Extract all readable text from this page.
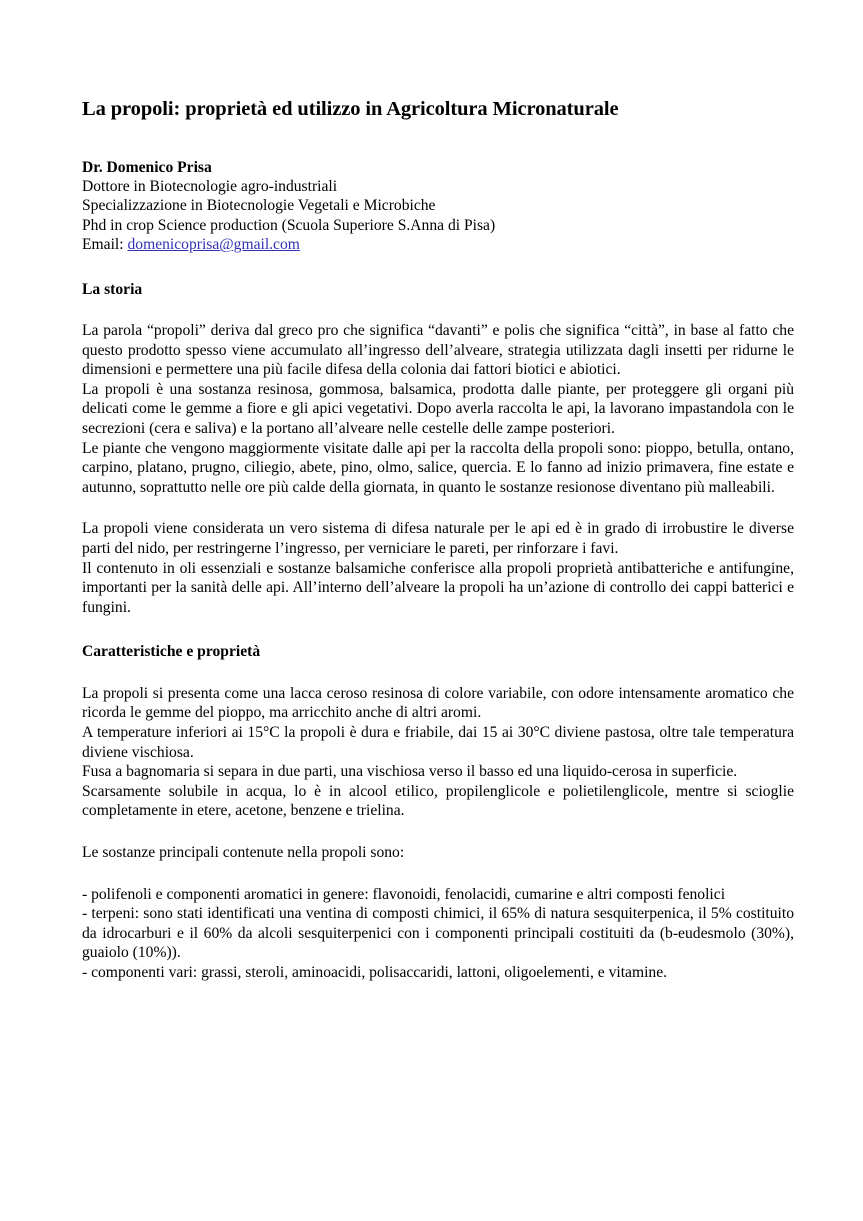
La propoli: proprietà ed utilizzo in Agricoltura Micronaturale
Dr. Domenico Prisa
Dottore in Biotecnologie agro-industriali
Specializzazione in Biotecnologie Vegetali e Microbiche
Phd in crop Science production (Scuola Superiore S.Anna di Pisa)
Email: domenicoprisa@gmail.com
La storia

La parola “propoli” deriva dal greco pro che significa “davanti” e polis che significa “città”, in base al fatto che questo prodotto spesso viene accumulato all’ingresso dell’alveare, strategia utilizzata dagli insetti per ridurne le dimensioni e permettere una più facile difesa della colonia dai fattori biotici e abiotici.

La propoli è una sostanza resinosa, gommosa, balsamica, prodotta dalle piante, per proteggere gli organi più delicati come le gemme a fiore e gli apici vegetativi. Dopo averla raccolta le api, la lavorano impastandola con le secrezioni (cera e saliva) e la portano all’alveare nelle cestelle delle zampe posteriori.

Le piante che vengono maggiormente visitate dalle api per la raccolta della propoli sono: pioppo, betulla, ontano, carpino, platano, prugno, ciliegio, abete, pino, olmo, salice, quercia. E lo fanno ad inizio primavera, fine estate e autunno, soprattutto nelle ore più calde della giornata, in quanto le sostanze resionose diventano più malleabili.

La propoli viene considerata un vero sistema di difesa naturale per le api ed è in grado di irrobustire le diverse parti del nido, per restringerne l’ingresso, per verniciare le pareti, per rinforzare i favi.

Il contenuto in oli essenziali e sostanze balsamiche conferisce alla propoli proprietà antibatteriche e antifungine, importanti per la sanità delle api. All’interno dell’alveare la propoli ha un’azione di controllo dei cappi batterici e fungini.

Caratteristiche e proprietà

La propoli si presenta come una lacca ceroso resinosa di colore variabile, con odore intensamente aromatico che ricorda le gemme del pioppo, ma arricchito anche di altri aromi.

A temperature inferiori ai 15°C la propoli è dura e friabile, dai 15 ai 30°C diviene pastosa, oltre tale temperatura diviene vischiosa.

Fusa a bagnomaria si separa in due parti, una vischiosa verso il basso ed una liquido-cerosa in superficie.

Scarsamente solubile in acqua, lo è in alcool etilico, propilenglicole e polietilenglicole, mentre si scioglie completamente in etere, acetone, benzene e trielina.

Le sostanze principali contenute nella propoli sono:

- polifenoli e componenti aromatici in genere: flavonoidi, fenolacidi, cumarine e altri composti fenolici

- terpeni: sono stati identificati una ventina di composti chimici, il 65% di natura sesquiterpenica, il 5% costituito da idrocarburi e il 60% da alcoli sesquiterpenici con i componenti principali costituiti da (b-eudesmolo (30%), guaiolo (10%)).

- componenti vari: grassi, steroli, aminoacidi, polisaccaridi, lattoni, oligoelementi, e vitamine.
